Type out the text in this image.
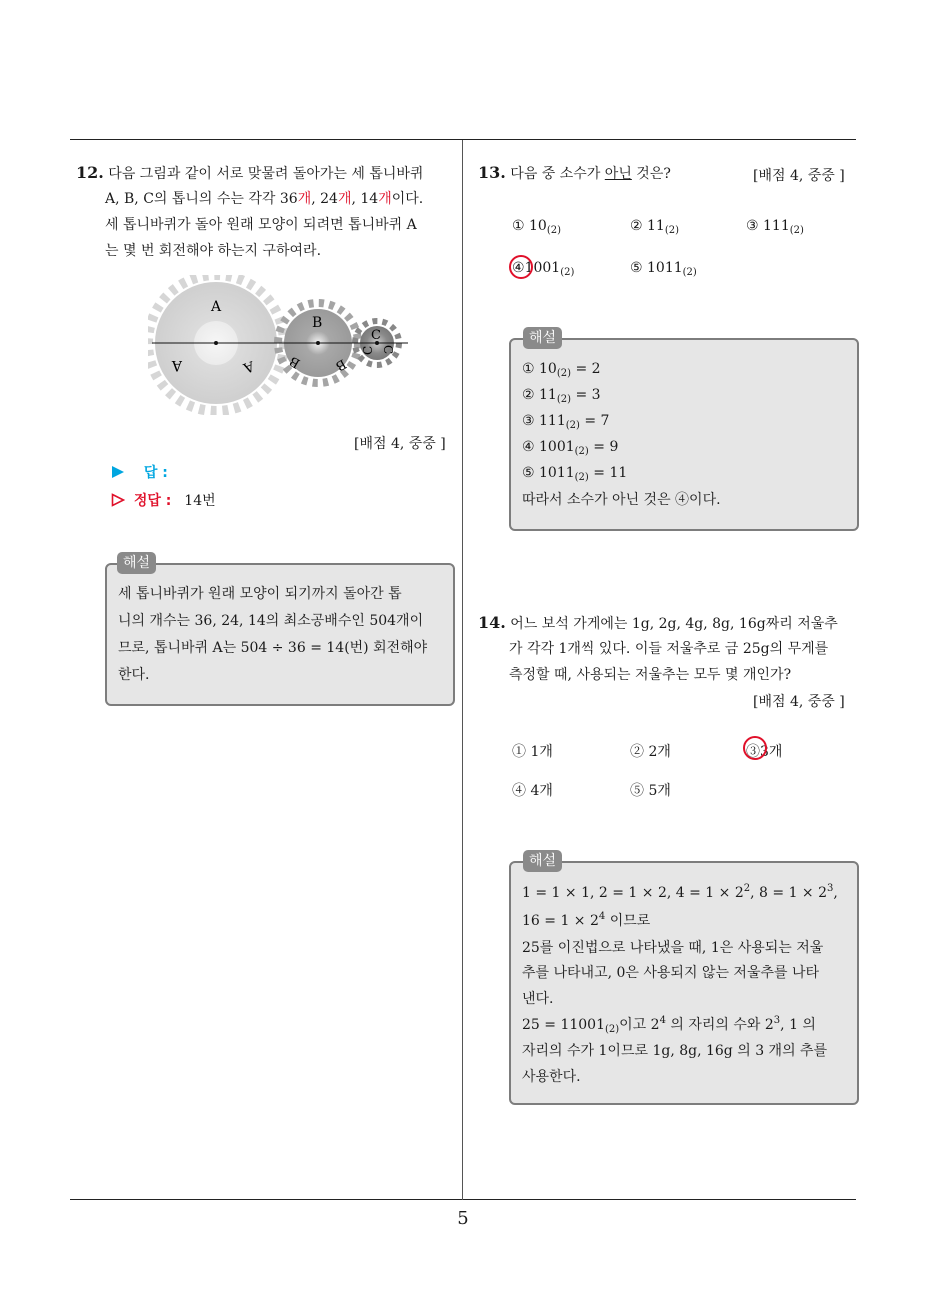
5
12. 다음 그림과 같이 서로 맞물려 돌아가는 세 톱니바퀴
A, B, C의 톱니의 수는 각각 36개, 24개, 14개이다.
세 톱니바퀴가 돌아 원래 모양이 되려면 톱니바퀴 A
는 몇 번 회전해야 하는지 구하여라.
A
A	A
B
B B
C
C C
[배점 4, 중중 ]
답 :
정답 : 14번
해설
세 톱니바퀴가 원래 모양이 되기까지 돌아간 톱
니의 개수는 36, 24, 14의 최소공배수인 504개이
므로, 톱니바퀴 A는 504 ÷ 36 = 14(번) 회전해야
한다.
13. 다음 중 소수가 아닌 것은?	[배점 4, 중중 ]
① $10_{(2)}$	② $11_{(2)}$	③ $111_{(2)}$
$④1001_{(2)}$	⑤ $1011_{(2)}$
해설
① $10_{(2)} = 2$
② $11_{(2)} = 3$
③ $111_{(2)} = 7$
④ $1001_{(2)} = 9$
⑤ $1011_{(2)} = 11$
따라서 소수가 아닌 것은 ④이다.
14. 어느 보석 가게에는 1g, 2g, 4g, 8g, 16g짜리 저울추
가 각각 1개씩 있다. 이들 저울추로 금 25g의 무게를
측정할 때, 사용되는 저울추는 모두 몇 개인가?
[배점 4, 중중 ]
① 1개	② 2개	③3개
④ 4개	⑤ 5개
해설
1 = 1 × 1, 2 = 1 × 2, $4 = 1 \times 2^2$, $8 = 1 \times 2^3$,
$16 = 1 \times 2^4$ 이므로
25를 이진법으로 나타냈을 때, 1은 사용되는 저울
추를 나타내고, 0은 사용되지 않는 저울추를 나타
낸다.
$25 = 11001_{(2)}$이고 $2^4$ 의 자리의 수와 $2^3$, 1 의
자리의 수가 1이므로 1g, 8g, 16g 의 3 개의 추를
사용한다.
